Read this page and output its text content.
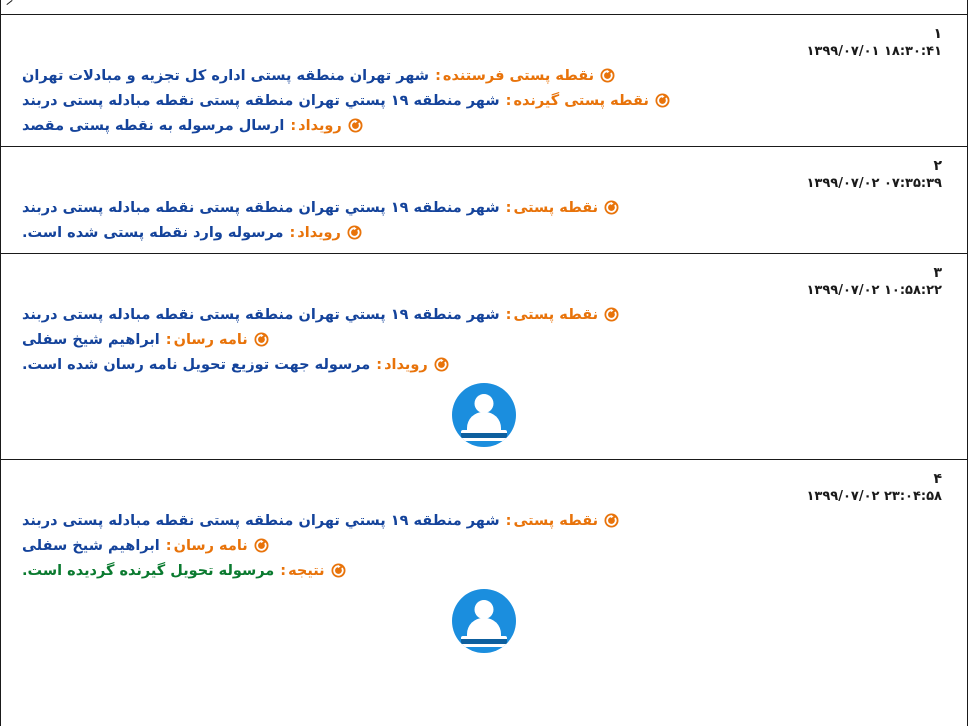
۱
۱۸:۳۰:۴۱ ۱۳۹۹/۰۷/۰۱
نقطه پستی فرستنده
:
شهر تهران منطقه پستی اداره کل تجزیه و مبادلات تهران
نقطه پستی گیرنده
:
شهر منطقه ۱۹ پستي تهران منطقه پستی نقطه مبادله پستی دربند
رویداد
:
ارسال مرسوله به نقطه پستی مقصد
۲
۰۷:۳۵:۳۹ ۱۳۹۹/۰۷/۰۲
نقطه پستی
:
شهر منطقه ۱۹ پستي تهران منطقه پستی نقطه مبادله پستی دربند
رویداد
:
مرسوله وارد نقطه پستی شده است.
۳
۱۰:۵۸:۲۲ ۱۳۹۹/۰۷/۰۲
نقطه پستی
:
شهر منطقه ۱۹ پستي تهران منطقه پستی نقطه مبادله پستی دربند
نامه رسان
:
ابراهیم شیخ سفلی
رویداد
:
مرسوله جهت توزیع تحویل نامه رسان شده است.
۴
۲۳:۰۴:۵۸ ۱۳۹۹/۰۷/۰۲
نقطه پستی
:
شهر منطقه ۱۹ پستي تهران منطقه پستی نقطه مبادله پستی دربند
نامه رسان
:
ابراهیم شیخ سفلی
نتیجه
:
مرسوله تحویل گیرنده گردیده است.
